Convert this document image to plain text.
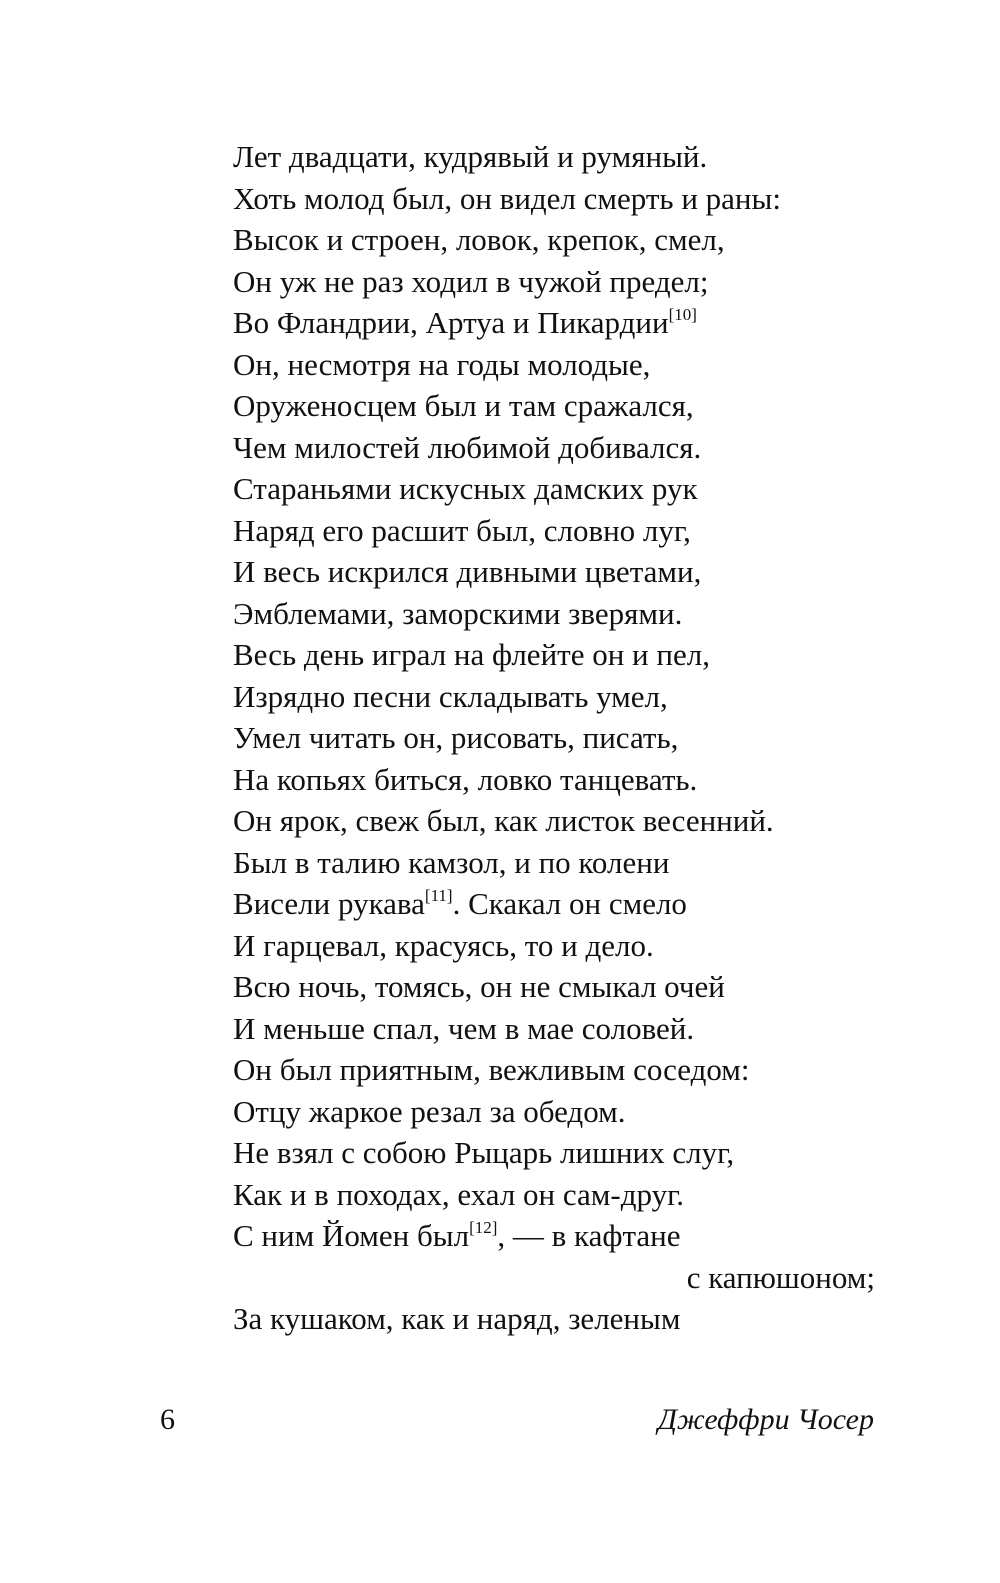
Лет двадцати, кудрявый и румяный.
Хоть молод был, он видел смерть и раны:
Высок и строен, ловок, крепок, смел,
Он уж не раз ходил в чужой предел;
Во Фландрии, Артуа и Пикардии[10]
Он, несмотря на годы молодые,
Оруженосцем был и там сражался,
Чем милостей любимой добивался.
Стараньями искусных дамских рук
Наряд его расшит был, словно луг,
И весь искрился дивными цветами,
Эмблемами, заморскими зверями.
Весь день играл на флейте он и пел,
Изрядно песни складывать умел,
Умел читать он, рисовать, писать,
На копьях биться, ловко танцевать.
Он ярок, свеж был, как листок весенний.
Был в талию камзол, и по колени
Висели рукава[11]. Скакал он смело
И гарцевал, красуясь, то и дело.
Всю ночь, томясь, он не смыкал очей
И меньше спал, чем в мае соловей.
Он был приятным, вежливым соседом:
Отцу жаркое резал за обедом.
Не взял с собою Рыцарь лишних слуг,
Как и в походах, ехал он сам-друг.
С ним Йомен был[12], — в кафтане
с капюшоном;
За кушаком, как и наряд, зеленым
6	Джеффри Чосер
